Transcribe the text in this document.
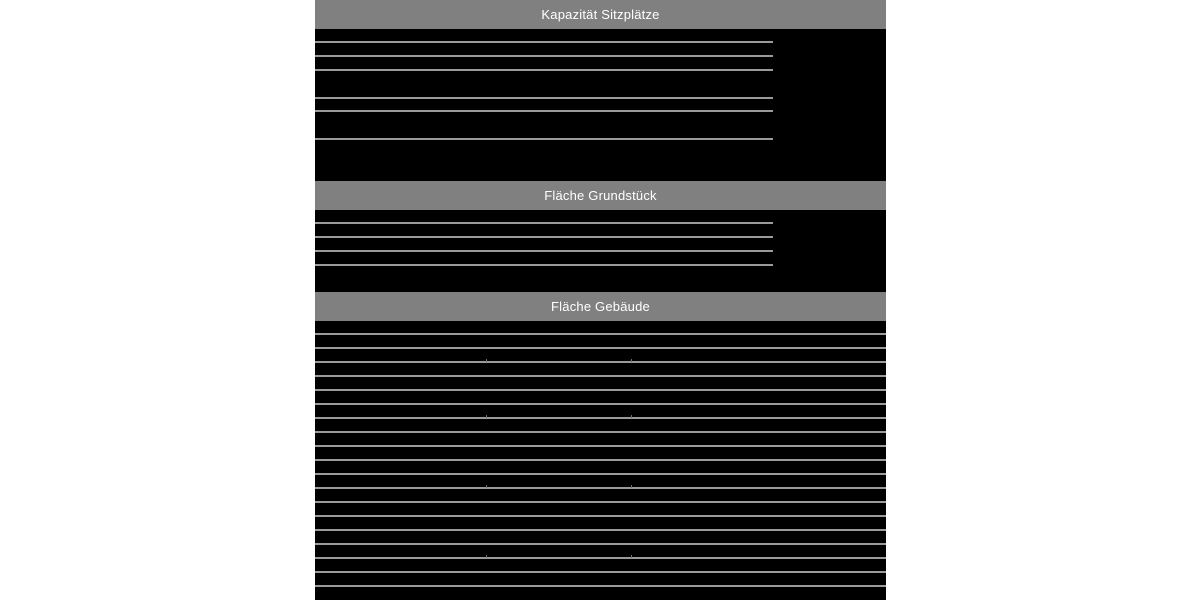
Kapazität Sitzplätze
Fläche Grundstück
Fläche Gebäude
